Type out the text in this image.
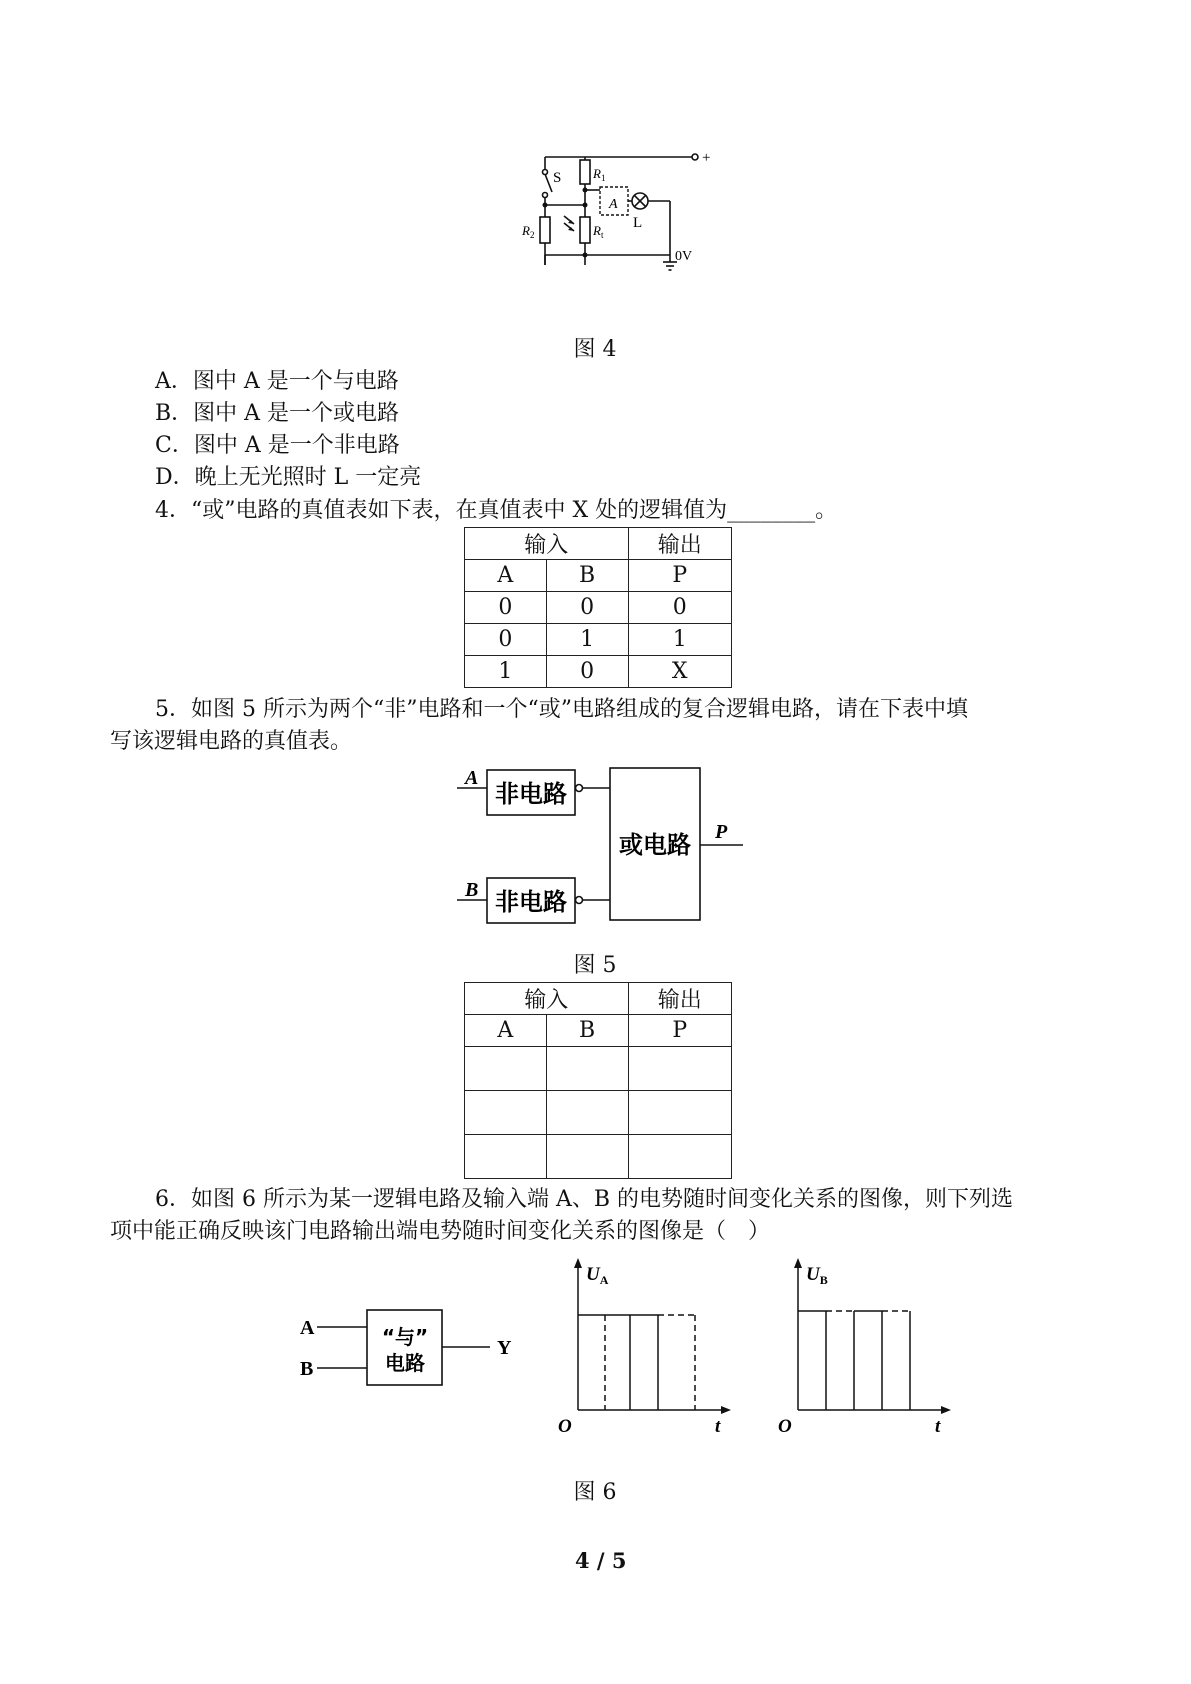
+
S $R_1$
A
L
$R_2$	$R_t$
0V
图 4
A．图中 A 是一个与电路
B．图中 A 是一个或电路
C．图中 A 是一个非电路
D．晚上无光照时 L 一定亮
4．“或”电路的真值表如下表，在真值表中 X 处的逻辑值为________。
输入		输出
A	B	P
0	0	0
0	1	1
1	0	X
5．如图 5 所示为两个“非”电路和一个“或”电路组成的复合逻辑电路，请在下表中填
写该逻辑电路的真值表。
A
非电路
B 非电路
或电路 P
图 5
输入		输出
A	B	P

6．如图 6 所示为某一逻辑电路及输入端 A、B 的电势随时间变化关系的图像，则下列选
项中能正确反映该门电路输出端电势随时间变化关系的图像是（　）
A
B
“与”
电路
Y
$U_A$
O	t
$U_B$
O	t
图 6
4 / 5
